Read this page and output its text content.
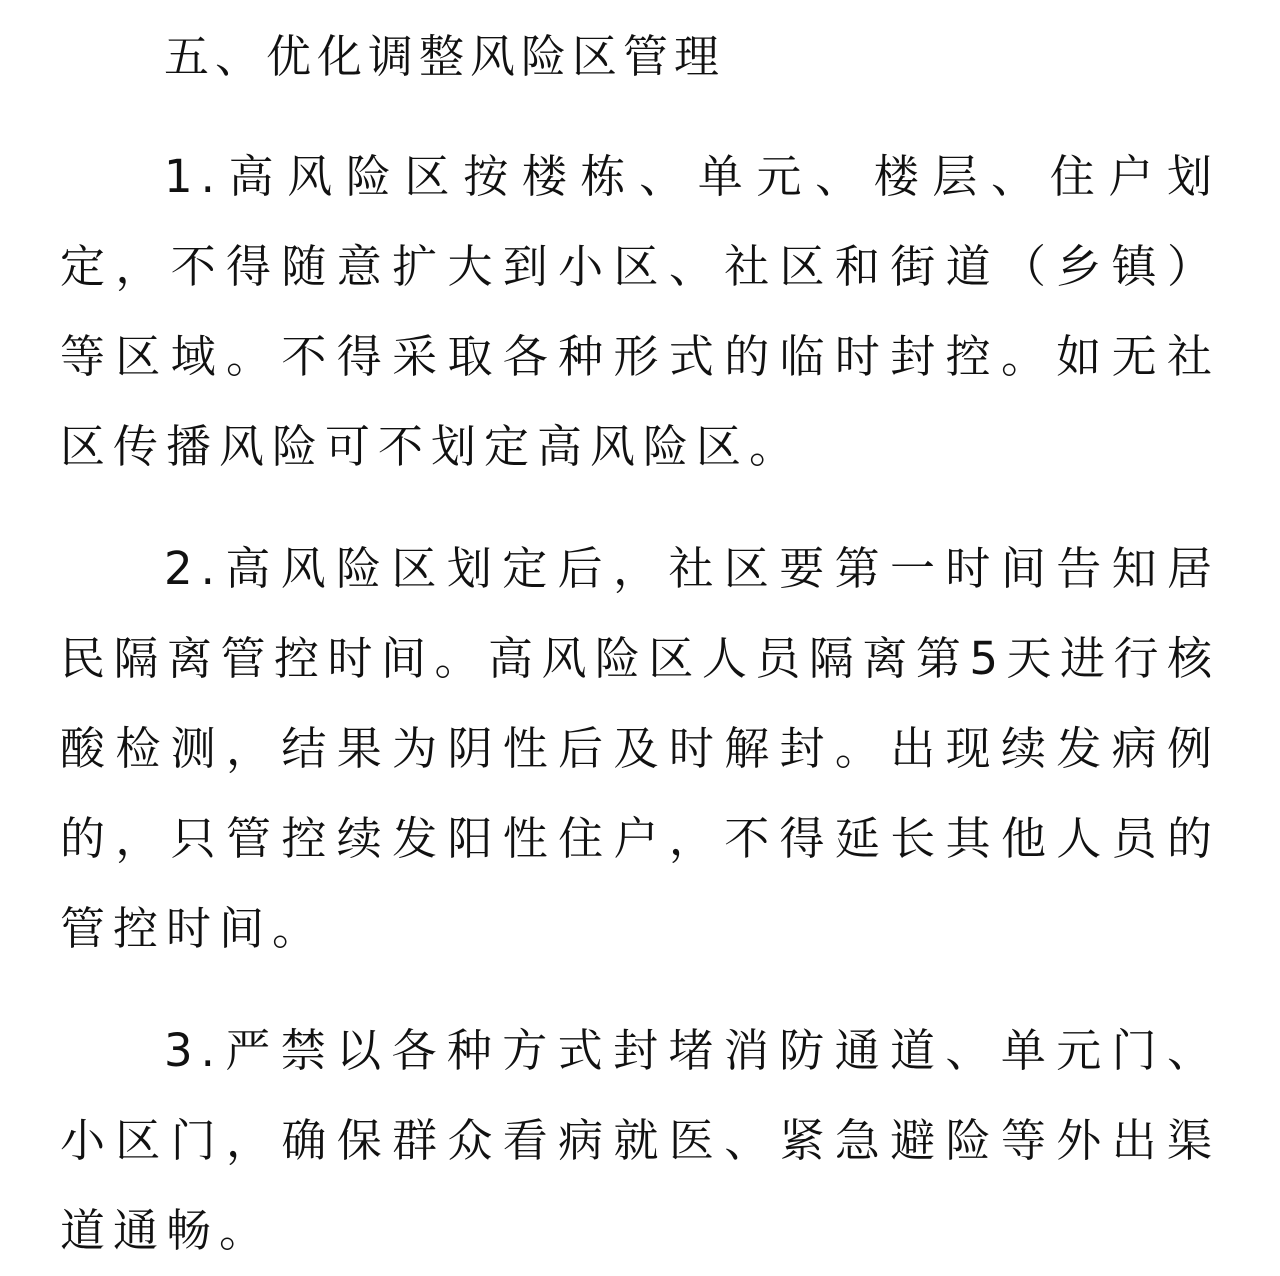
五、优化调整风险区管理

1.高风险区按楼栋、单元、楼层、住户划定，不得随意扩大到小区、社区和街道（乡镇）等区域。不得采取各种形式的临时封控。如无社区传播风险可不划定高风险区。

2.高风险区划定后，社区要第一时间告知居民隔离管控时间。高风险区人员隔离第5天进行核酸检测，结果为阴性后及时解封。出现续发病例的，只管控续发阳性住户，不得延长其他人员的管控时间。

3.严禁以各种方式封堵消防通道、单元门、小区门，确保群众看病就医、紧急避险等外出渠道通畅。
